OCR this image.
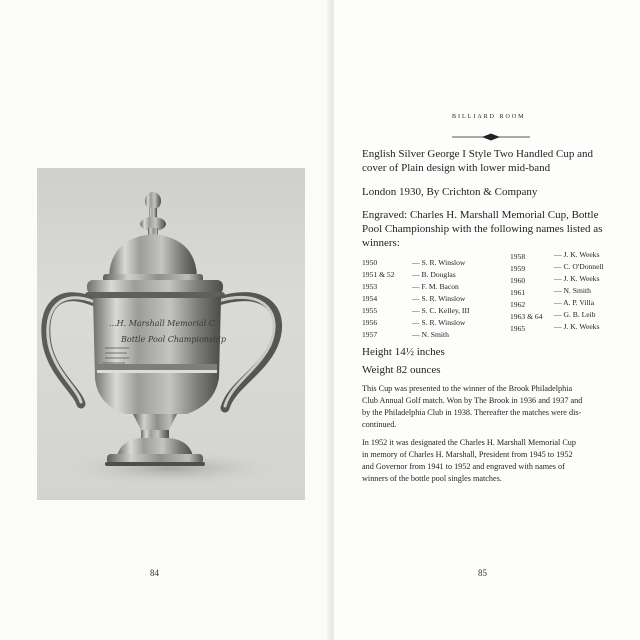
...H. Marshall Memorial C
Bottle Pool Championship
84
BILLIARD ROOM
English Silver George I Style Two Handled Cup and
cover of Plain design with lower mid-band
London 1930, By Crichton & Company
Engraved: Charles H. Marshall Memorial Cup, Bottle
Pool Championship with the following names listed as
winners:
1950	— S. R. Winslow
1951 & 52 — B. Douglas
1953	— F. M. Bacon
1954	— S. R. Winslow
1955	— S. C. Kelley, III
1956	— S. R. Winslow
1957	— N. Smith
1958	— J. K. Weeks
1959	— C. O'Donnell
1960	— J. K. Weeks
1961	— N. Smith
1962	— A. P. Villa
1963 & 64 — G. B. Leib
1965	— J. K. Weeks
Height 14½ inches
Weight 82 ounces
This Cup was presented to the winner of the Brook Philadelphia
Club Annual Golf match. Won by The Brook in 1936 and 1937 and
by the Philadelphia Club in 1938. Thereafter the matches were dis-
continued.
In 1952 it was designated the Charles H. Marshall Memorial Cup
in memory of Charles H. Marshall, President from 1945 to 1952
and Governor from 1941 to 1952 and engraved with names of
winners of the bottle pool singles matches.
85
